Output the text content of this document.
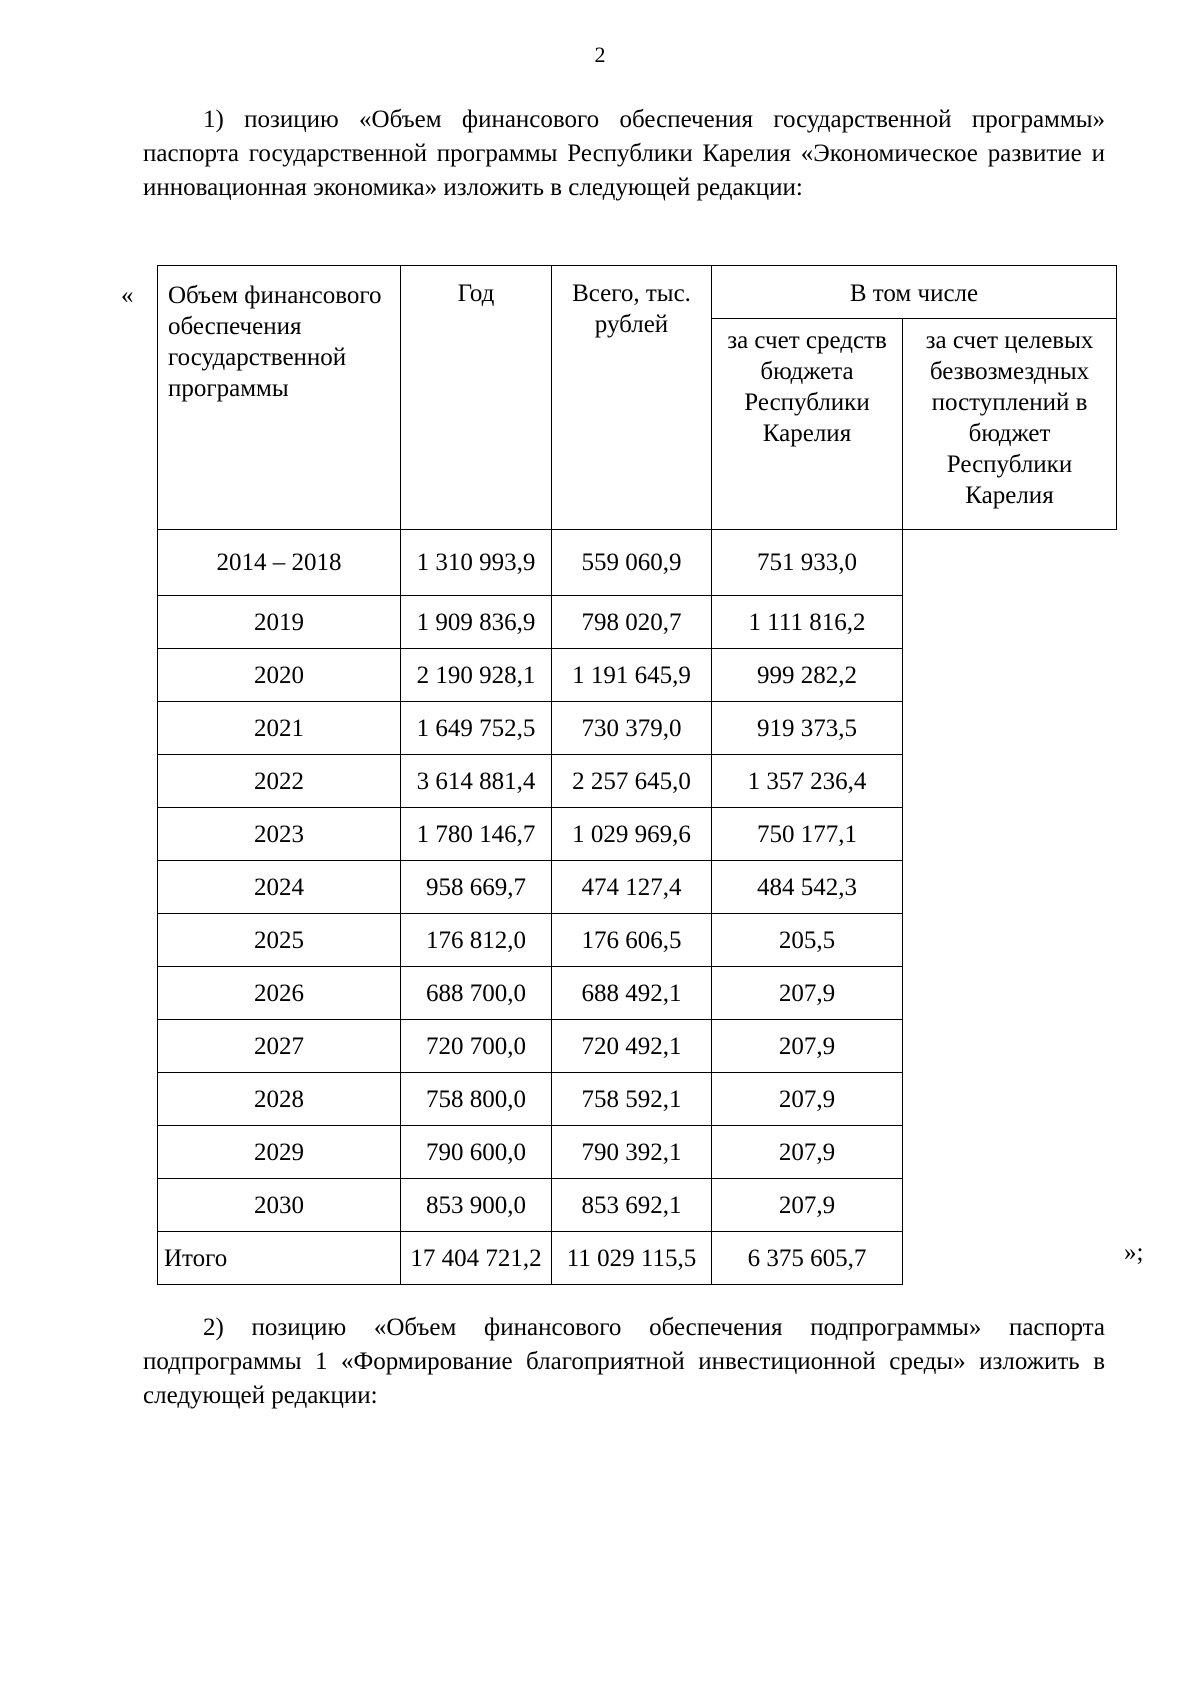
2
1) позицию «Объем финансового обеспечения государственной программы» паспорта государственной программы Республики Карелия «Экономическое развитие и инновационная экономика» изложить в следующей редакции:
« Объем финансового обеспечения государственной программы	Год	Всего, тыс. рублей	В том числе	
			за счет средств бюджета Республики Карелия	за счет целевых безвозмездных поступлений в бюджет Республики Карелия
2014 – 2018	1 310 993,9	559 060,9	751 933,0	
2019	1 909 836,9	798 020,7	1 111 816,2	
2020	2 190 928,1	1 191 645,9	999 282,2	
2021	1 649 752,5	730 379,0	919 373,5	
2022	3 614 881,4	2 257 645,0	1 357 236,4	
2023	1 780 146,7	1 029 969,6	750 177,1	
2024	958 669,7	474 127,4	484 542,3	
2025	176 812,0	176 606,5	205,5	
2026	688 700,0	688 492,1	207,9	
2027	720 700,0	720 492,1	207,9	
2028	758 800,0	758 592,1	207,9	
2029	790 600,0	790 392,1	207,9	
2030	853 900,0	853 692,1	207,9	
Итого	17 404 721,2	11 029 115,5	6 375 605,7		»;
2) позицию «Объем финансового обеспечения подпрограммы» паспорта подпрограммы 1 «Формирование благоприятной инвестиционной среды» изложить в следующей редакции:
